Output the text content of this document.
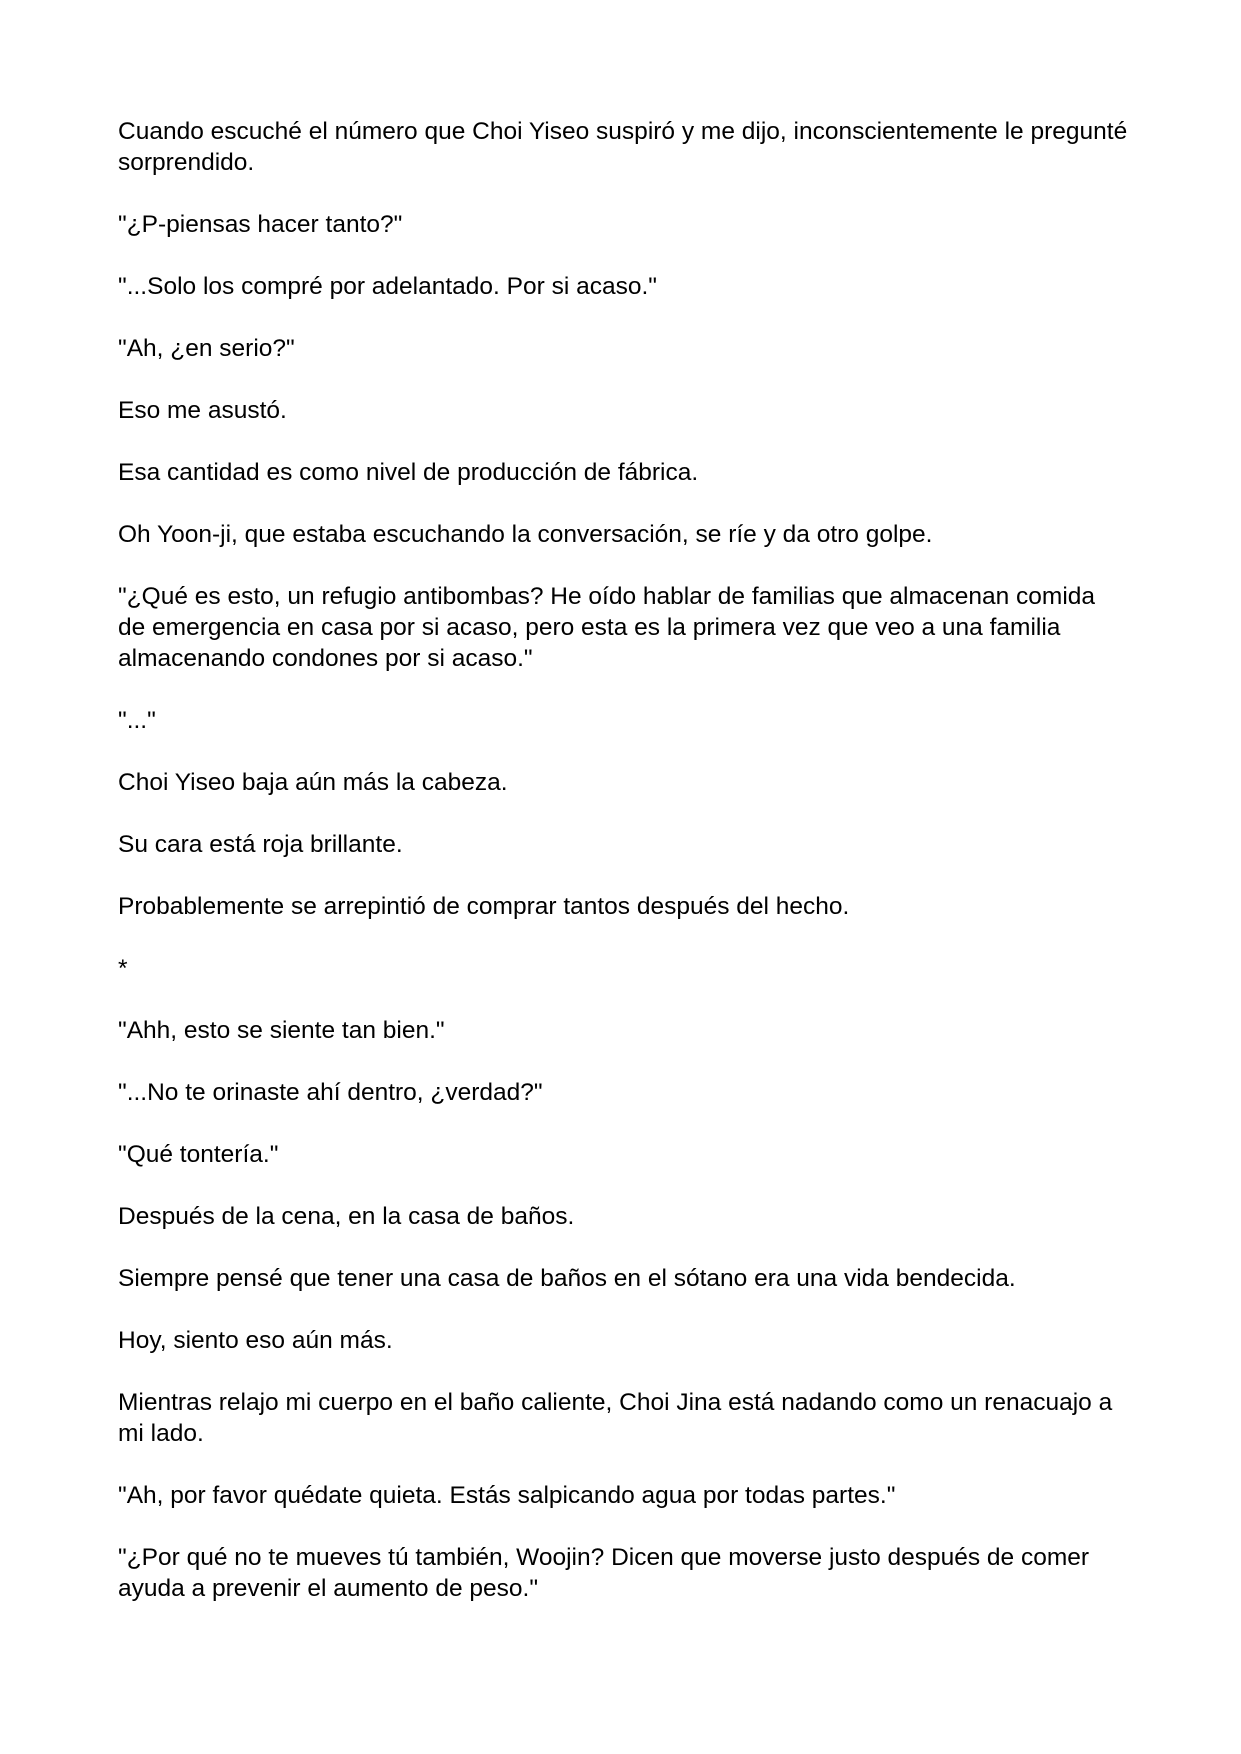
Cuando escuché el número que Choi Yiseo suspiró y me dijo, inconscientemente le pregunté sorprendido.

"¿P-piensas hacer tanto?"

"...Solo los compré por adelantado. Por si acaso."

"Ah, ¿en serio?"

Eso me asustó.

Esa cantidad es como nivel de producción de fábrica.

Oh Yoon-ji, que estaba escuchando la conversación, se ríe y da otro golpe.

"¿Qué es esto, un refugio antibombas? He oído hablar de familias que almacenan comida de emergencia en casa por si acaso, pero esta es la primera vez que veo a una familia almacenando condones por si acaso."

"..."

Choi Yiseo baja aún más la cabeza.

Su cara está roja brillante.

Probablemente se arrepintió de comprar tantos después del hecho.

*

"Ahh, esto se siente tan bien."

"...No te orinaste ahí dentro, ¿verdad?"

"Qué tontería."

Después de la cena, en la casa de baños.

Siempre pensé que tener una casa de baños en el sótano era una vida bendecida.

Hoy, siento eso aún más.

Mientras relajo mi cuerpo en el baño caliente, Choi Jina está nadando como un renacuajo a mi lado.

"Ah, por favor quédate quieta. Estás salpicando agua por todas partes."

"¿Por qué no te mueves tú también, Woojin? Dicen que moverse justo después de comer ayuda a prevenir el aumento de peso."
